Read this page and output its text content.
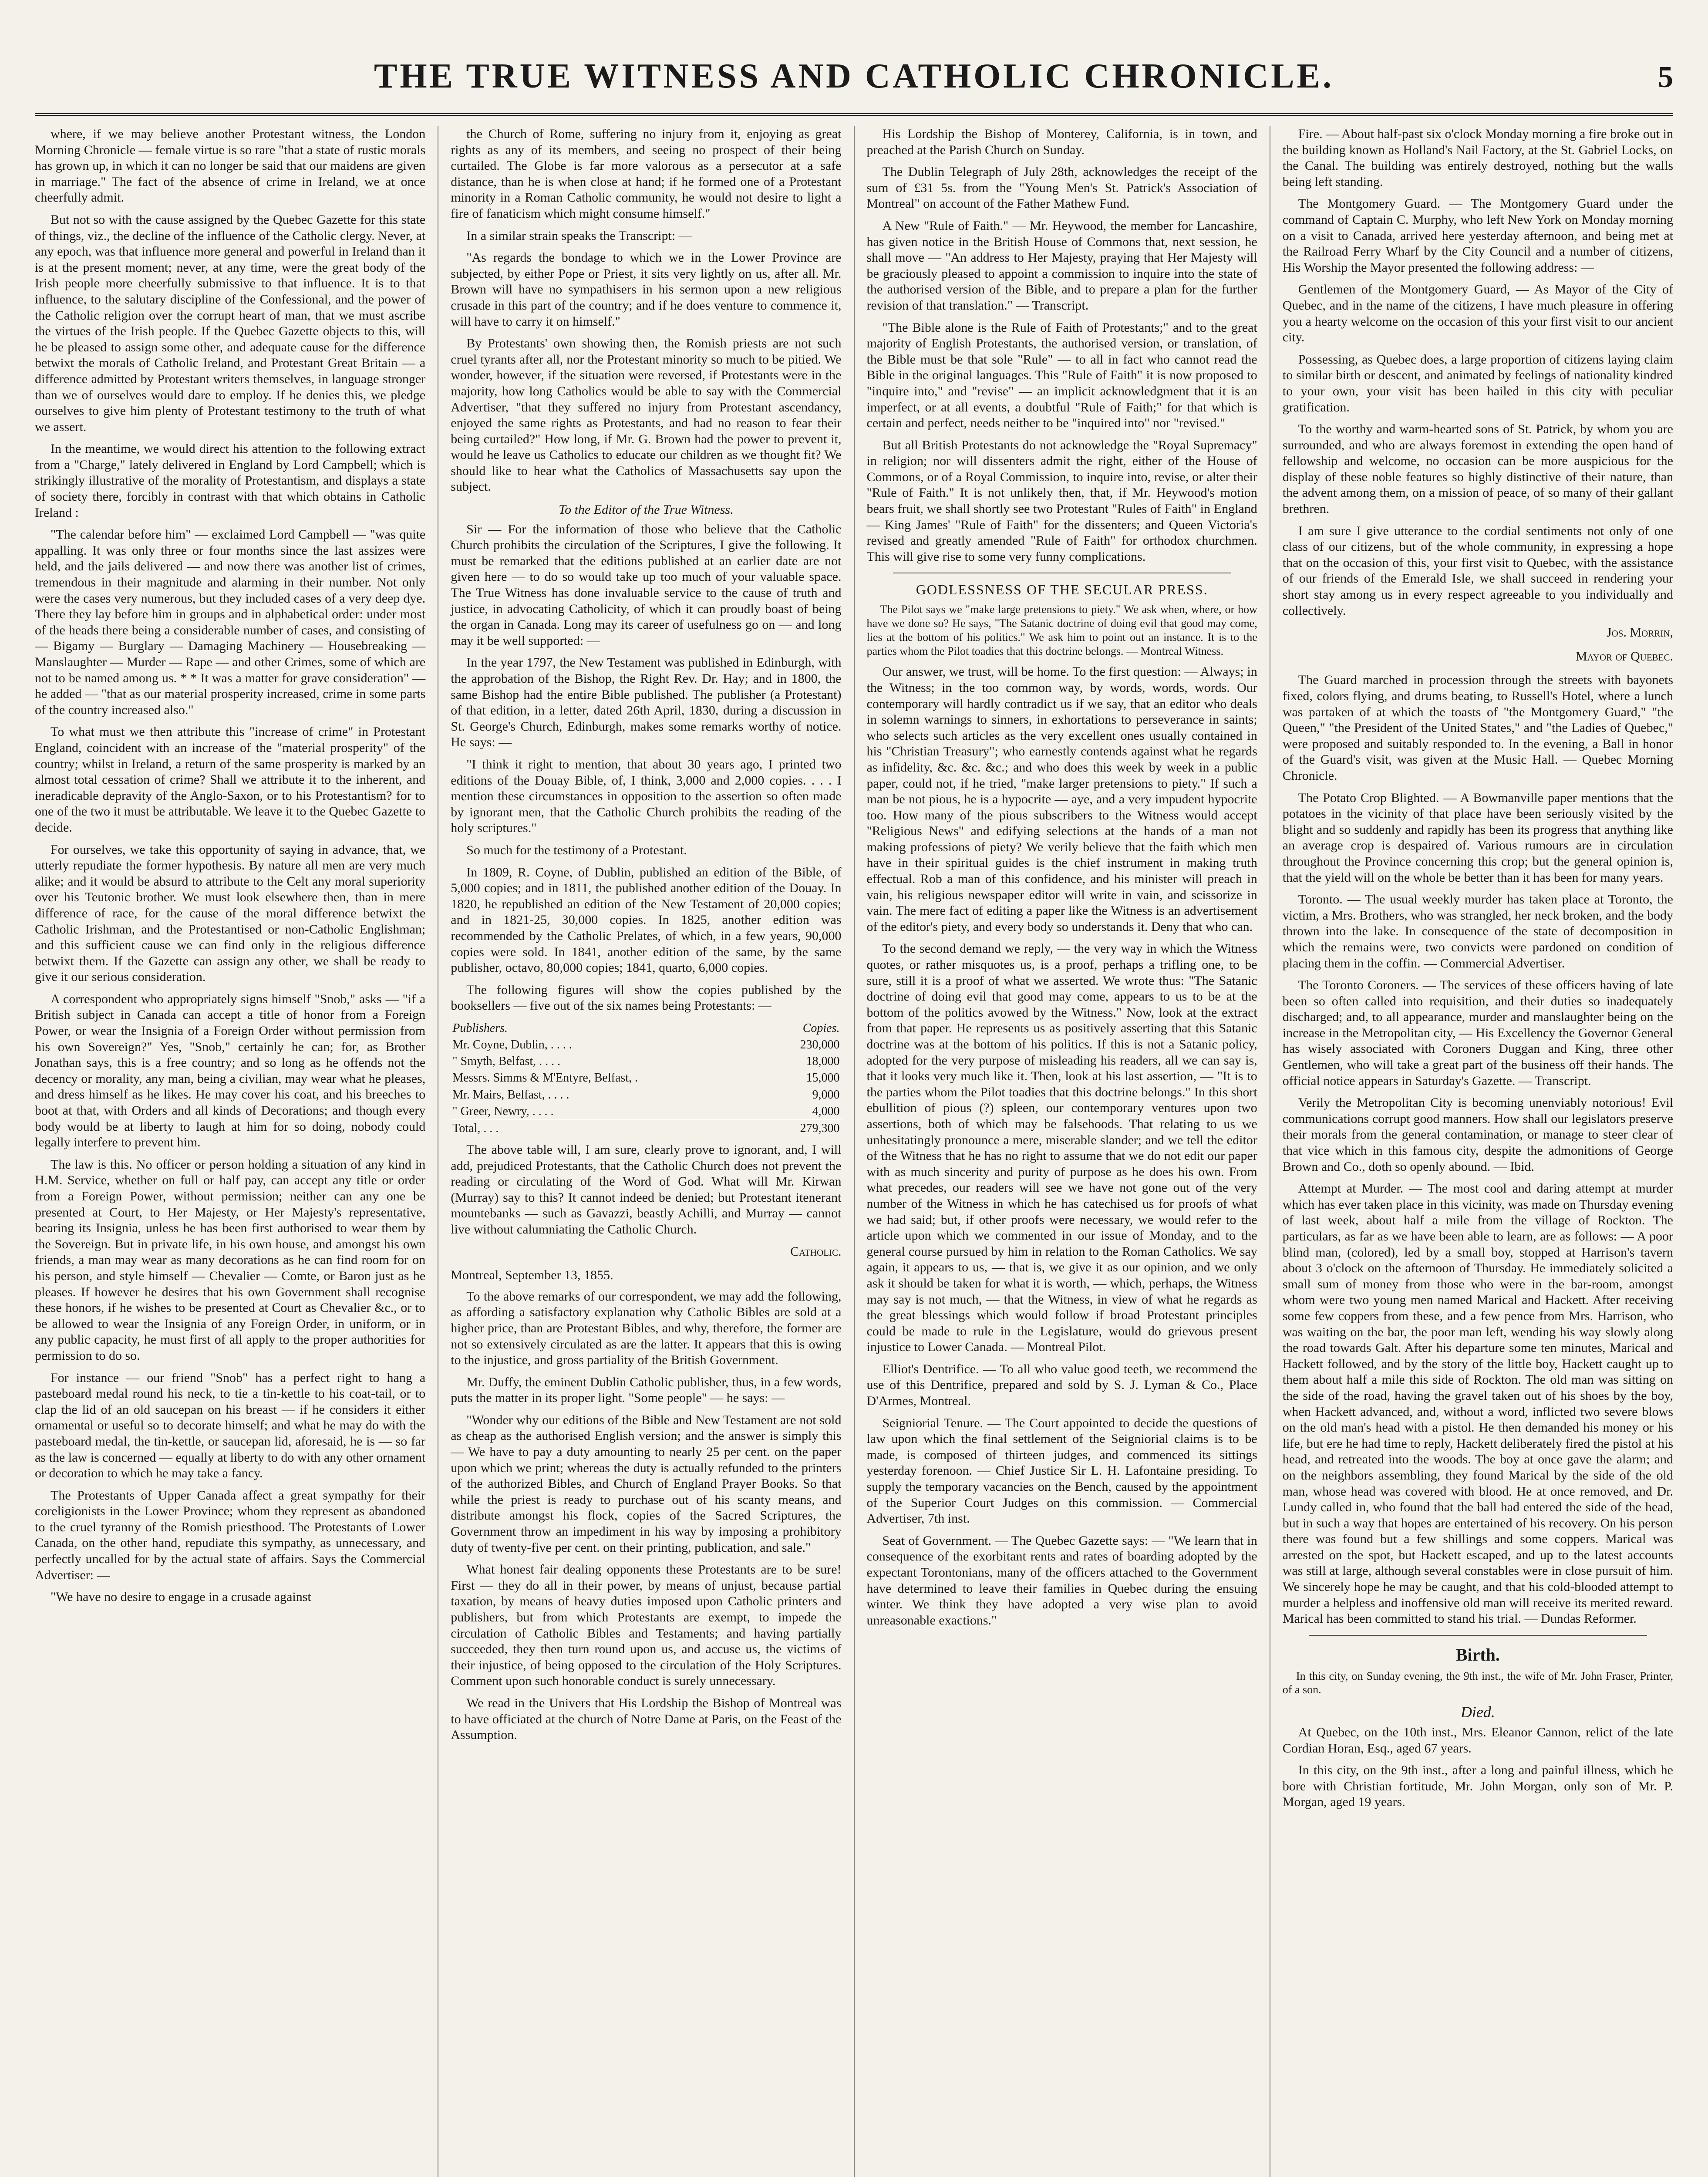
THE TRUE WITNESS AND CATHOLIC CHRONICLE.	5

where, if we may believe another Protestant witness, the London Morning Chronicle — female virtue is so rare "that a state of rustic morals has grown up, in which it can no longer be said that our maidens are given in marriage." The fact of the absence of crime in Ireland, we at once cheerfully admit.

But not so with the cause assigned by the Quebec Gazette for this state of things, viz., the decline of the influence of the Catholic clergy. Never, at any epoch, was that influence more general and powerful in Ireland than it is at the present moment; never, at any time, were the great body of the Irish people more cheerfully submissive to that influence. It is to that influence, to the salutary discipline of the Confessional, and the power of the Catholic religion over the corrupt heart of man, that we must ascribe the virtues of the Irish people. If the Quebec Gazette objects to this, will he be pleased to assign some other, and adequate cause for the difference betwixt the morals of Catholic Ireland, and Protestant Great Britain — a difference admitted by Protestant writers themselves, in language stronger than we of ourselves would dare to employ. If he denies this, we pledge ourselves to give him plenty of Protestant testimony to the truth of what we assert.

In the meantime, we would direct his attention to the following extract from a "Charge," lately delivered in England by Lord Campbell; which is strikingly illustrative of the morality of Protestantism, and displays a state of society there, forcibly in contrast with that which obtains in Catholic Ireland :

"The calendar before him" — exclaimed Lord Campbell — "was quite appalling. It was only three or four months since the last assizes were held, and the jails delivered — and now there was another list of crimes, tremendous in their magnitude and alarming in their number. Not only were the cases very numerous, but they included cases of a very deep dye. There they lay before him in groups and in alphabetical order: under most of the heads there being a considerable number of cases, and consisting of — Bigamy — Burglary — Damaging Machinery — Housebreaking — Manslaughter — Murder — Rape — and other Crimes, some of which are not to be named among us. * * It was a matter for grave consideration" — he added — "that as our material prosperity increased, crime in some parts of the country increased also."

To what must we then attribute this "increase of crime" in Protestant England, coincident with an increase of the "material prosperity" of the country; whilst in Ireland, a return of the same prosperity is marked by an almost total cessation of crime? Shall we attribute it to the inherent, and ineradicable depravity of the Anglo-Saxon, or to his Protestantism? for to one of the two it must be attributable. We leave it to the Quebec Gazette to decide.

For ourselves, we take this opportunity of saying in advance, that, we utterly repudiate the former hypothesis. By nature all men are very much alike; and it would be absurd to attribute to the Celt any moral superiority over his Teutonic brother. We must look elsewhere then, than in mere difference of race, for the cause of the moral difference betwixt the Catholic Irishman, and the Protestantised or non-Catholic Englishman; and this sufficient cause we can find only in the religious difference betwixt them. If the Gazette can assign any other, we shall be ready to give it our serious consideration.

A correspondent who appropriately signs himself "Snob," asks — "if a British subject in Canada can accept a title of honor from a Foreign Power, or wear the Insignia of a Foreign Order without permission from his own Sovereign?" Yes, "Snob," certainly he can; for, as Brother Jonathan says, this is a free country; and so long as he offends not the decency or morality, any man, being a civilian, may wear what he pleases, and dress himself as he likes. He may cover his coat, and his breeches to boot at that, with Orders and all kinds of Decorations; and though every body would be at liberty to laugh at him for so doing, nobody could legally interfere to prevent him.

The law is this. No officer or person holding a situation of any kind in H.M. Service, whether on full or half pay, can accept any title or order from a Foreign Power, without permission; neither can any one be presented at Court, to Her Majesty, or Her Majesty's representative, bearing its Insignia, unless he has been first authorised to wear them by the Sovereign. But in private life, in his own house, and amongst his own friends, a man may wear as many decorations as he can find room for on his person, and style himself — Chevalier — Comte, or Baron just as he pleases. If however he desires that his own Government shall recognise these honors, if he wishes to be presented at Court as Chevalier &c., or to be allowed to wear the Insignia of any Foreign Order, in uniform, or in any public capacity, he must first of all apply to the proper authorities for permission to do so.

For instance — our friend "Snob" has a perfect right to hang a pasteboard medal round his neck, to tie a tin-kettle to his coat-tail, or to clap the lid of an old saucepan on his breast — if he considers it either ornamental or useful so to decorate himself; and what he may do with the pasteboard medal, the tin-kettle, or saucepan lid, aforesaid, he is — so far as the law is concerned — equally at liberty to do with any other ornament or decoration to which he may take a fancy.

The Protestants of Upper Canada affect a great sympathy for their coreligionists in the Lower Province; whom they represent as abandoned to the cruel tyranny of the Romish priesthood. The Protestants of Lower Canada, on the other hand, repudiate this sympathy, as unnecessary, and perfectly uncalled for by the actual state of affairs. Says the Commercial Advertiser: —

"We have no desire to engage in a crusade against

the Church of Rome, suffering no injury from it, enjoying as great rights as any of its members, and seeing no prospect of their being curtailed. The Globe is far more valorous as a persecutor at a safe distance, than he is when close at hand; if he formed one of a Protestant minority in a Roman Catholic community, he would not desire to light a fire of fanaticism which might consume himself."

In a similar strain speaks the Transcript: —

"As regards the bondage to which we in the Lower Province are subjected, by either Pope or Priest, it sits very lightly on us, after all. Mr. Brown will have no sympathisers in his sermon upon a new religious crusade in this part of the country; and if he does venture to commence it, will have to carry it on himself."

By Protestants' own showing then, the Romish priests are not such cruel tyrants after all, nor the Protestant minority so much to be pitied. We wonder, however, if the situation were reversed, if Protestants were in the majority, how long Catholics would be able to say with the Commercial Advertiser, "that they suffered no injury from Protestant ascendancy, enjoyed the same rights as Protestants, and had no reason to fear their being curtailed?" How long, if Mr. G. Brown had the power to prevent it, would he leave us Catholics to educate our children as we thought fit? We should like to hear what the Catholics of Massachusetts say upon the subject.

To the Editor of the True Witness.

Sir — For the information of those who believe that the Catholic Church prohibits the circulation of the Scriptures, I give the following. It must be remarked that the editions published at an earlier date are not given here — to do so would take up too much of your valuable space. The True Witness has done invaluable service to the cause of truth and justice, in advocating Catholicity, of which it can proudly boast of being the organ in Canada. Long may its career of usefulness go on — and long may it be well supported: —

In the year 1797, the New Testament was published in Edinburgh, with the approbation of the Bishop, the Right Rev. Dr. Hay; and in 1800, the same Bishop had the entire Bible published. The publisher (a Protestant) of that edition, in a letter, dated 26th April, 1830, during a discussion in St. George's Church, Edinburgh, makes some remarks worthy of notice. He says: —

"I think it right to mention, that about 30 years ago, I printed two editions of the Douay Bible, of, I think, 3,000 and 2,000 copies. . . . I mention these circumstances in opposition to the assertion so often made by ignorant men, that the Catholic Church prohibits the reading of the holy scriptures."

So much for the testimony of a Protestant.

In 1809, R. Coyne, of Dublin, published an edition of the Bible, of 5,000 copies; and in 1811, the published another edition of the Douay. In 1820, he republished an edition of the New Testament of 20,000 copies; and in 1821-25, 30,000 copies. In 1825, another edition was recommended by the Catholic Prelates, of which, in a few years, 90,000 copies were sold. In 1841, another edition of the same, by the same publisher, octavo, 80,000 copies; 1841, quarto, 6,000 copies.

The following figures will show the copies published by the booksellers — five out of the six names being Protestants: —

Publishers.	Copies.
Mr. Coyne, Dublin, . . . .	230,000
" Smyth, Belfast, . . . .	18,000
Messrs. Simms & M'Entyre, Belfast, .	15,000
Mr. Mairs, Belfast, . . . .	9,000
" Greer, Newry, . . . .	4,000
Total, . . .	279,300

The above table will, I am sure, clearly prove to ignorant, and, I will add, prejudiced Protestants, that the Catholic Church does not prevent the reading or circulating of the Word of God. What will Mr. Kirwan (Murray) say to this? It cannot indeed be denied; but Protestant itenerant mountebanks — such as Gavazzi, beastly Achilli, and Murray — cannot live without calumniating the Catholic Church.

Catholic.
Montreal, September 13, 1855.

To the above remarks of our correspondent, we may add the following, as affording a satisfactory explanation why Catholic Bibles are sold at a higher price, than are Protestant Bibles, and why, therefore, the former are not so extensively circulated as are the latter. It appears that this is owing to the injustice, and gross partiality of the British Government.

Mr. Duffy, the eminent Dublin Catholic publisher, thus, in a few words, puts the matter in its proper light. "Some people" — he says: —

"Wonder why our editions of the Bible and New Testament are not sold as cheap as the authorised English version; and the answer is simply this — We have to pay a duty amounting to nearly 25 per cent. on the paper upon which we print; whereas the duty is actually refunded to the printers of the authorized Bibles, and Church of England Prayer Books. So that while the priest is ready to purchase out of his scanty means, and distribute amongst his flock, copies of the Sacred Scriptures, the Government throw an impediment in his way by imposing a prohibitory duty of twenty-five per cent. on their printing, publication, and sale."

What honest fair dealing opponents these Protestants are to be sure! First — they do all in their power, by means of unjust, because partial taxation, by means of heavy duties imposed upon Catholic printers and publishers, but from which Protestants are exempt, to impede the circulation of Catholic Bibles and Testaments; and having partially succeeded, they then turn round upon us, and accuse us, the victims of their injustice, of being opposed to the circulation of the Holy Scriptures. Comment upon such honorable conduct is surely unnecessary.

We read in the Univers that His Lordship the Bishop of Montreal was to have officiated at the church of Notre Dame at Paris, on the Feast of the Assumption.

His Lordship the Bishop of Monterey, California, is in town, and preached at the Parish Church on Sunday.

The Dublin Telegraph of July 28th, acknowledges the receipt of the sum of £31 5s. from the "Young Men's St. Patrick's Association of Montreal" on account of the Father Mathew Fund.

A New "Rule of Faith." — Mr. Heywood, the member for Lancashire, has given notice in the British House of Commons that, next session, he shall move — "An address to Her Majesty, praying that Her Majesty will be graciously pleased to appoint a commission to inquire into the state of the authorised version of the Bible, and to prepare a plan for the further revision of that translation." — Transcript.

"The Bible alone is the Rule of Faith of Protestants;" and to the great majority of English Protestants, the authorised version, or translation, of the Bible must be that sole "Rule" — to all in fact who cannot read the Bible in the original languages. This "Rule of Faith" it is now proposed to "inquire into," and "revise" — an implicit acknowledgment that it is an imperfect, or at all events, a doubtful "Rule of Faith;" for that which is certain and perfect, needs neither to be "inquired into" nor "revised."

But all British Protestants do not acknowledge the "Royal Supremacy" in religion; nor will dissenters admit the right, either of the House of Commons, or of a Royal Commission, to inquire into, revise, or alter their "Rule of Faith." It is not unlikely then, that, if Mr. Heywood's motion bears fruit, we shall shortly see two Protestant "Rules of Faith" in England — King James' "Rule of Faith" for the dissenters; and Queen Victoria's revised and greatly amended "Rule of Faith" for orthodox churchmen. This will give rise to some very funny complications.

GODLESSNESS OF THE SECULAR PRESS.

The Pilot says we "make large pretensions to piety." We ask when, where, or how have we done so? He says, "The Satanic doctrine of doing evil that good may come, lies at the bottom of his politics." We ask him to point out an instance. It is to the parties whom the Pilot toadies that this doctrine belongs. — Montreal Witness.

Our answer, we trust, will be home. To the first question: — Always; in the Witness; in the too common way, by words, words, words. Our contemporary will hardly contradict us if we say, that an editor who deals in solemn warnings to sinners, in exhortations to perseverance in saints; who selects such articles as the very excellent ones usually contained in his "Christian Treasury"; who earnestly contends against what he regards as infidelity, &c. &c. &c.; and who does this week by week in a public paper, could not, if he tried, "make larger pretensions to piety." If such a man be not pious, he is a hypocrite — aye, and a very impudent hypocrite too. How many of the pious subscribers to the Witness would accept "Religious News" and edifying selections at the hands of a man not making professions of piety? We verily believe that the faith which men have in their spiritual guides is the chief instrument in making truth effectual. Rob a man of this confidence, and his minister will preach in vain, his religious newspaper editor will write in vain, and scissorize in vain. The mere fact of editing a paper like the Witness is an advertisement of the editor's piety, and every body so understands it. Deny that who can.

To the second demand we reply, — the very way in which the Witness quotes, or rather misquotes us, is a proof, perhaps a trifling one, to be sure, still it is a proof of what we asserted. We wrote thus: "The Satanic doctrine of doing evil that good may come, appears to us to be at the bottom of the politics avowed by the Witness." Now, look at the extract from that paper. He represents us as positively asserting that this Satanic doctrine was at the bottom of his politics. If this is not a Satanic policy, adopted for the very purpose of misleading his readers, all we can say is, that it looks very much like it. Then, look at his last assertion, — "It is to the parties whom the Pilot toadies that this doctrine belongs." In this short ebullition of pious (?) spleen, our contemporary ventures upon two assertions, both of which may be falsehoods. That relating to us we unhesitatingly pronounce a mere, miserable slander; and we tell the editor of the Witness that he has no right to assume that we do not edit our paper with as much sincerity and purity of purpose as he does his own. From what precedes, our readers will see we have not gone out of the very number of the Witness in which he has catechised us for proofs of what we had said; but, if other proofs were necessary, we would refer to the article upon which we commented in our issue of Monday, and to the general course pursued by him in relation to the Roman Catholics. We say again, it appears to us, — that is, we give it as our opinion, and we only ask it should be taken for what it is worth, — which, perhaps, the Witness may say is not much, — that the Witness, in view of what he regards as the great blessings which would follow if broad Protestant principles could be made to rule in the Legislature, would do grievous present injustice to Lower Canada. — Montreal Pilot.

Elliot's Dentrifice. — To all who value good teeth, we recommend the use of this Dentrifice, prepared and sold by S. J. Lyman & Co., Place D'Armes, Montreal.

Seigniorial Tenure. — The Court appointed to decide the questions of law upon which the final settlement of the Seigniorial claims is to be made, is composed of thirteen judges, and commenced its sittings yesterday forenoon. — Chief Justice Sir L. H. Lafontaine presiding. To supply the temporary vacancies on the Bench, caused by the appointment of the Superior Court Judges on this commission. — Commercial Advertiser, 7th inst.

Seat of Government. — The Quebec Gazette says: — "We learn that in consequence of the exorbitant rents and rates of boarding adopted by the expectant Torontonians, many of the officers attached to the Government have determined to leave their families in Quebec during the ensuing winter. We think they have adopted a very wise plan to avoid unreasonable exactions."

Fire. — About half-past six o'clock Monday morning a fire broke out in the building known as Holland's Nail Factory, at the St. Gabriel Locks, on the Canal. The building was entirely destroyed, nothing but the walls being left standing.

The Montgomery Guard. — The Montgomery Guard under the command of Captain C. Murphy, who left New York on Monday morning on a visit to Canada, arrived here yesterday afternoon, and being met at the Railroad Ferry Wharf by the City Council and a number of citizens, His Worship the Mayor presented the following address: —

Gentlemen of the Montgomery Guard, — As Mayor of the City of Quebec, and in the name of the citizens, I have much pleasure in offering you a hearty welcome on the occasion of this your first visit to our ancient city.

Possessing, as Quebec does, a large proportion of citizens laying claim to similar birth or descent, and animated by feelings of nationality kindred to your own, your visit has been hailed in this city with peculiar gratification.

To the worthy and warm-hearted sons of St. Patrick, by whom you are surrounded, and who are always foremost in extending the open hand of fellowship and welcome, no occasion can be more auspicious for the display of these noble features so highly distinctive of their nature, than the advent among them, on a mission of peace, of so many of their gallant brethren.

I am sure I give utterance to the cordial sentiments not only of one class of our citizens, but of the whole community, in expressing a hope that on the occasion of this, your first visit to Quebec, with the assistance of our friends of the Emerald Isle, we shall succeed in rendering your short stay among us in every respect agreeable to you individually and collectively.

Jos. Morrin,
Mayor of Quebec.

The Guard marched in procession through the streets with bayonets fixed, colors flying, and drums beating, to Russell's Hotel, where a lunch was partaken of at which the toasts of "the Montgomery Guard," "the Queen," "the President of the United States," and "the Ladies of Quebec," were proposed and suitably responded to. In the evening, a Ball in honor of the Guard's visit, was given at the Music Hall. — Quebec Morning Chronicle.

The Potato Crop Blighted. — A Bowmanville paper mentions that the potatoes in the vicinity of that place have been seriously visited by the blight and so suddenly and rapidly has been its progress that anything like an average crop is despaired of. Various rumours are in circulation throughout the Province concerning this crop; but the general opinion is, that the yield will on the whole be better than it has been for many years.

Toronto. — The usual weekly murder has taken place at Toronto, the victim, a Mrs. Brothers, who was strangled, her neck broken, and the body thrown into the lake. In consequence of the state of decomposition in which the remains were, two convicts were pardoned on condition of placing them in the coffin. — Commercial Advertiser.

The Toronto Coroners. — The services of these officers having of late been so often called into requisition, and their duties so inadequately discharged; and, to all appearance, murder and manslaughter being on the increase in the Metropolitan city, — His Excellency the Governor General has wisely associated with Coroners Duggan and King, three other Gentlemen, who will take a great part of the business off their hands. The official notice appears in Saturday's Gazette. — Transcript.

Verily the Metropolitan City is becoming unenviably notorious! Evil communications corrupt good manners. How shall our legislators preserve their morals from the general contamination, or manage to steer clear of that vice which in this famous city, despite the admonitions of George Brown and Co., doth so openly abound. — Ibid.

Attempt at Murder. — The most cool and daring attempt at murder which has ever taken place in this vicinity, was made on Thursday evening of last week, about half a mile from the village of Rockton. The particulars, as far as we have been able to learn, are as follows: — A poor blind man, (colored), led by a small boy, stopped at Harrison's tavern about 3 o'clock on the afternoon of Thursday. He immediately solicited a small sum of money from those who were in the bar-room, amongst whom were two young men named Marical and Hackett. After receiving some few coppers from these, and a few pence from Mrs. Harrison, who was waiting on the bar, the poor man left, wending his way slowly along the road towards Galt. After his departure some ten minutes, Marical and Hackett followed, and by the story of the little boy, Hackett caught up to them about half a mile this side of Rockton. The old man was sitting on the side of the road, having the gravel taken out of his shoes by the boy, when Hackett advanced, and, without a word, inflicted two severe blows on the old man's head with a pistol. He then demanded his money or his life, but ere he had time to reply, Hackett deliberately fired the pistol at his head, and retreated into the woods. The boy at once gave the alarm; and on the neighbors assembling, they found Marical by the side of the old man, whose head was covered with blood. He at once removed, and Dr. Lundy called in, who found that the ball had entered the side of the head, but in such a way that hopes are entertained of his recovery. On his person there was found but a few shillings and some coppers. Marical was arrested on the spot, but Hackett escaped, and up to the latest accounts was still at large, although several constables were in close pursuit of him. We sincerely hope he may be caught, and that his cold-blooded attempt to murder a helpless and inoffensive old man will receive its merited reward. Marical has been committed to stand his trial. — Dundas Reformer.

Birth.

In this city, on Sunday evening, the 9th inst., the wife of Mr. John Fraser, Printer, of a son.

Died.

At Quebec, on the 10th inst., Mrs. Eleanor Cannon, relict of the late Cordian Horan, Esq., aged 67 years.

In this city, on the 9th inst., after a long and painful illness, which he bore with Christian fortitude, Mr. John Morgan, only son of Mr. P. Morgan, aged 19 years.
